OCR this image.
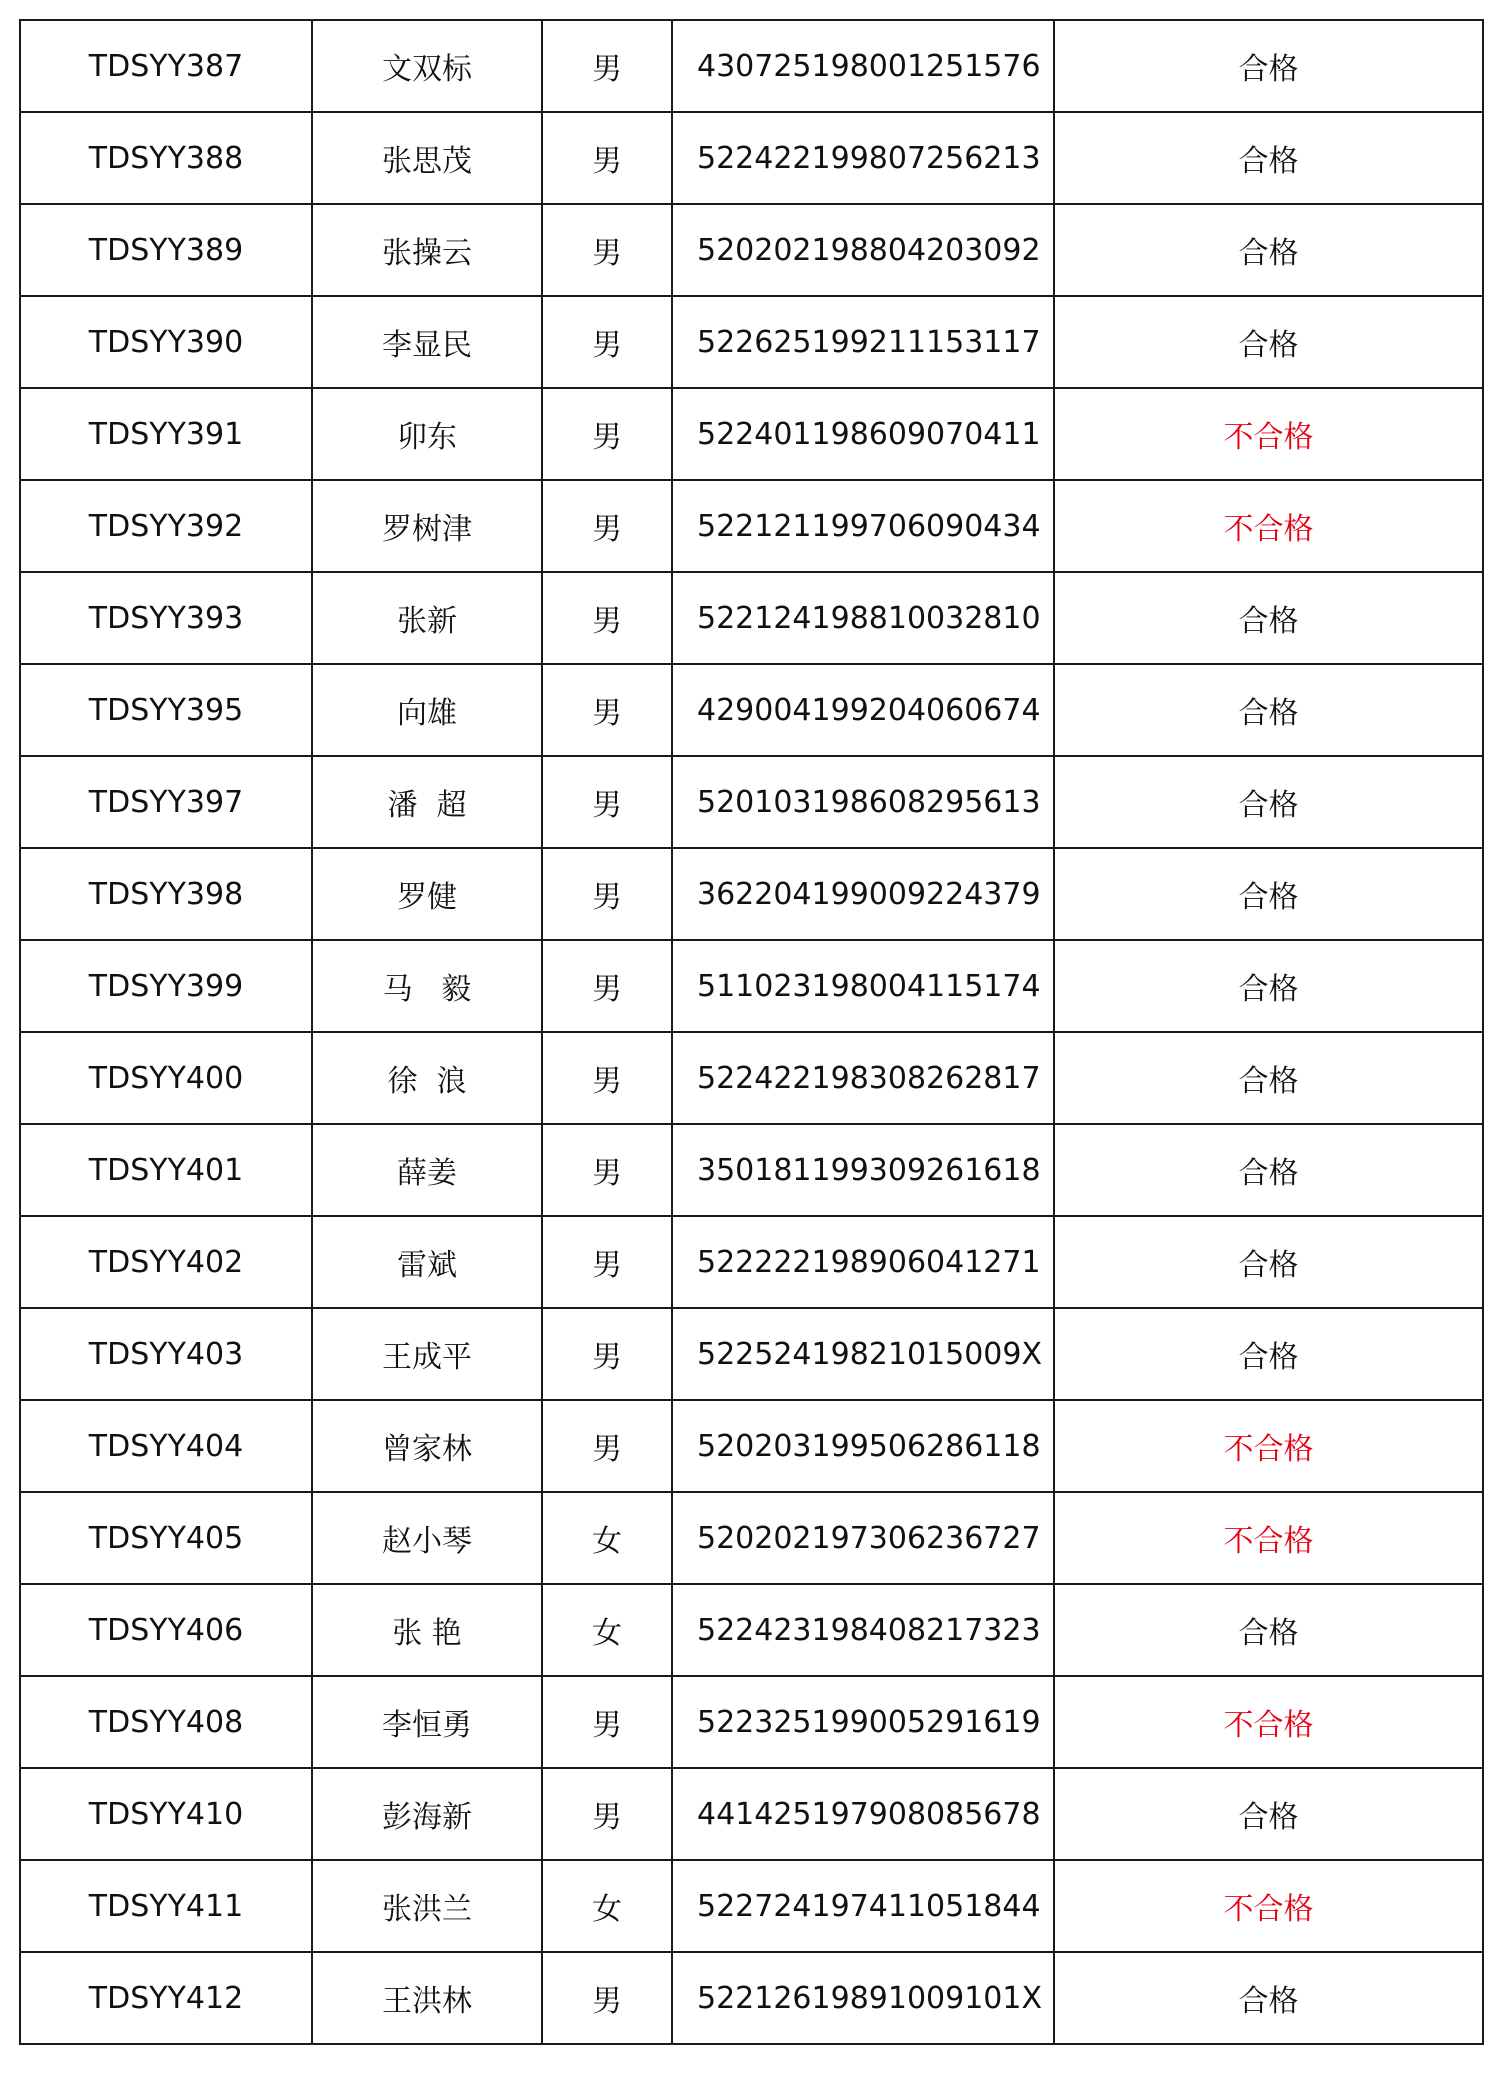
TDSYY387	文双标	男	430725198001251576	合格
TDSYY388	张思茂	男	522422199807256213	合格
TDSYY389	张操云	男	520202198804203092	合格
TDSYY390	李显民	男	522625199211153117	合格
TDSYY391	卯东	男	522401198609070411	不合格
TDSYY392	罗树津	男	522121199706090434	不合格
TDSYY393	张新	男	522124198810032810	合格
TDSYY395	向雄	男	429004199204060674	合格
TDSYY397	潘  超	男	520103198608295613	合格
TDSYY398	罗健	男	362204199009224379	合格
TDSYY399	马   毅	男	511023198004115174	合格
TDSYY400	徐  浪	男	522422198308262817	合格
TDSYY401	薛姜	男	350181199309261618	合格
TDSYY402	雷斌	男	522222198906041271	合格
TDSYY403	王成平	男	52252419821015009X	合格
TDSYY404	曾家林	男	520203199506286118	不合格
TDSYY405	赵小琴	女	520202197306236727	不合格
TDSYY406	张 艳	女	522423198408217323	合格
TDSYY408	李恒勇	男	522325199005291619	不合格
TDSYY410	彭海新	男	441425197908085678	合格
TDSYY411	张洪兰	女	522724197411051844	不合格
TDSYY412	王洪林	男	52212619891009101X	合格
